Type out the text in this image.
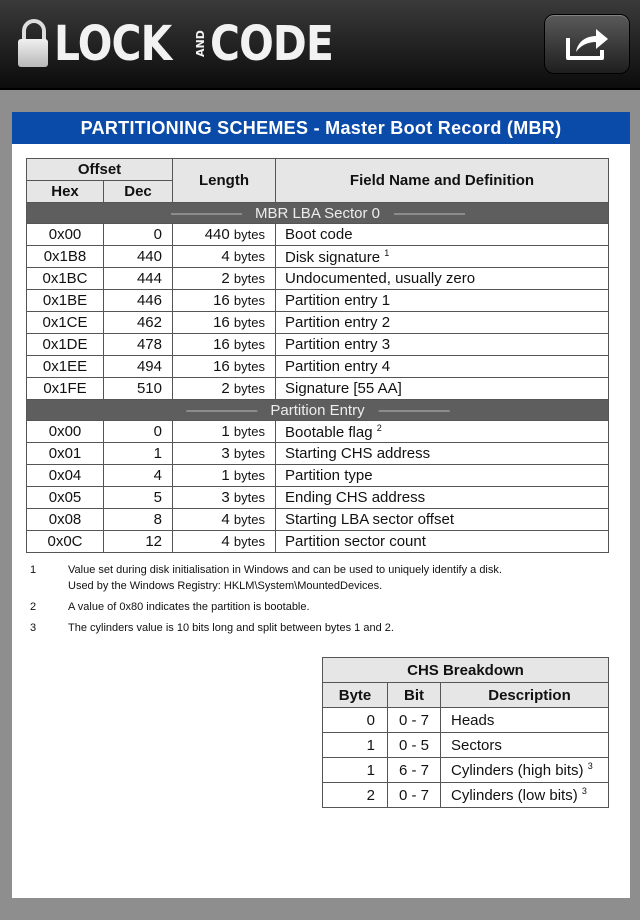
LOCK AND CODE
PARTITIONING SCHEMES - Master Boot Record (MBR)
Offset		Length	Field Name and Definition
Hex	Dec		
————— MBR LBA Sector 0 —————			
0x00	0	440 bytes	Boot code
0x1B8	440	4 bytes	Disk signature $^1$
0x1BC	444	2 bytes	Undocumented, usually zero
0x1BE	446	16 bytes	Partition entry 1
0x1CE	462	16 bytes	Partition entry 2
0x1DE	478	16 bytes	Partition entry 3
0x1EE	494	16 bytes	Partition entry 4
0x1FE	510	2 bytes	Signature [55 AA]
————— Partition Entry —————			
0x00	0	1 bytes	Bootable flag $^2$
0x01	1	3 bytes	Starting CHS address
0x04	4	1 bytes	Partition type
0x05	5	3 bytes	Ending CHS address
0x08	8	4 bytes	Starting LBA sector offset
0x0C	12	4 bytes	Partition sector count
1	Value set during disk initialisation in Windows and can be used to uniquely identify a disk.
Used by the Windows Registry: HKLM\System\MountedDevices.
2	A value of 0x80 indicates the partition is bootable.
3	The cylinders value is 10 bits long and split between bytes 1 and 2.
CHS Breakdown		
Byte	Bit	Description
0	0 - 7	Heads
1	0 - 5	Sectors
1	6 - 7	Cylinders (high bits) $^3$
2	0 - 7	Cylinders (low bits) $^3$
